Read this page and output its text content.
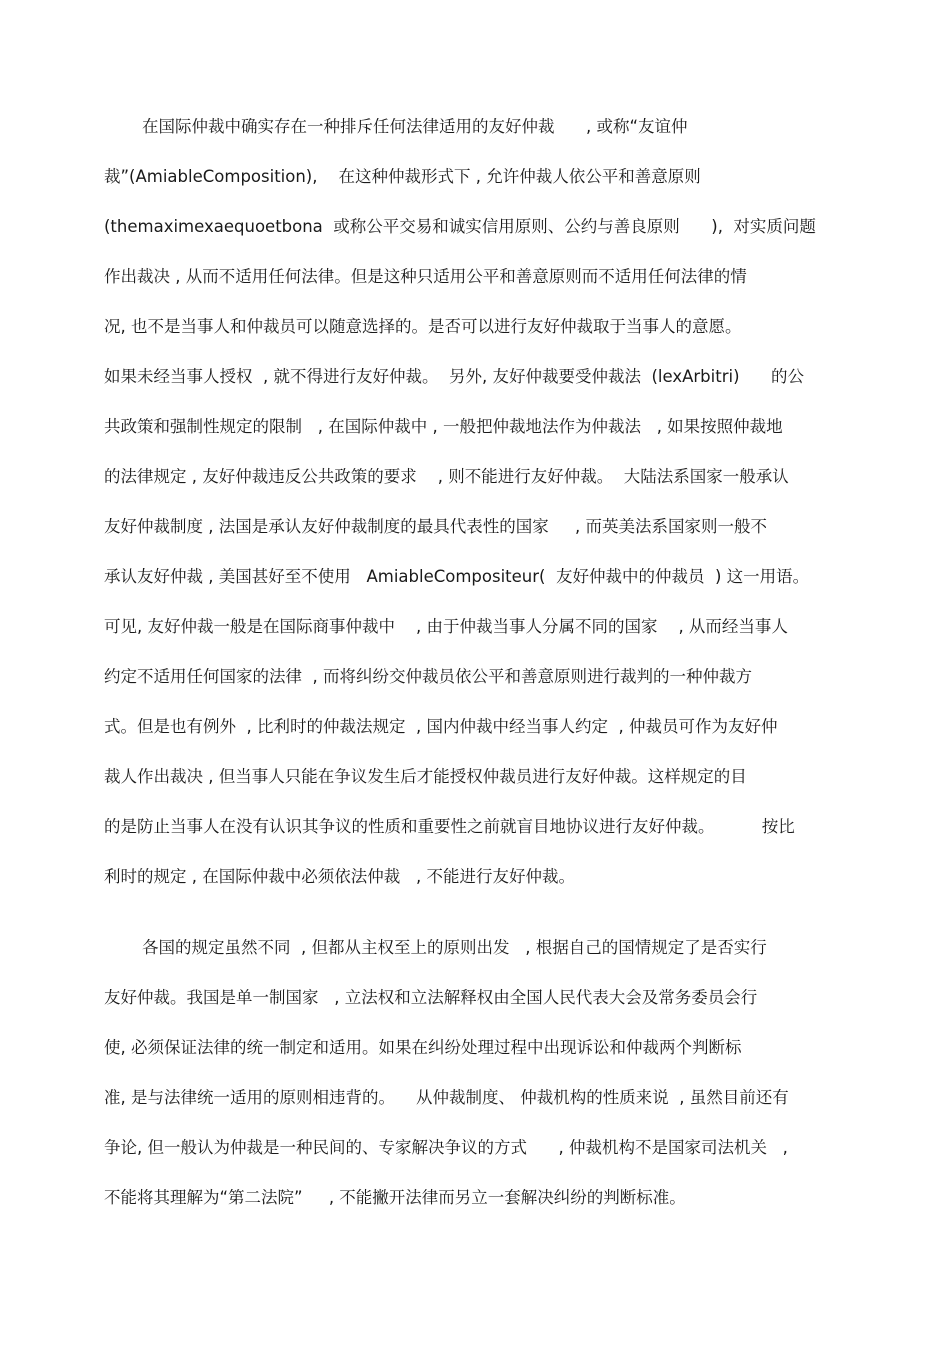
在国际仲裁中确实存在一种排斥任何法律适用的友好仲裁      , 或称“友谊仲
裁”(AmiableComposition),    在这种仲裁形式下 , 允许仲裁人依公平和善意原则
(themaximexaequoetbona  或称公平交易和诚实信用原则、公约与善良原则      ),  对实质问题
作出裁决 , 从而不适用任何法律。但是这种只适用公平和善意原则而不适用任何法律的情
况, 也不是当事人和仲裁员可以随意选择的。是否可以进行友好仲裁取于当事人的意愿。
如果未经当事人授权  , 就不得进行友好仲裁。  另外, 友好仲裁要受仲裁法  (lexArbitri)      的公
共政策和强制性规定的限制   , 在国际仲裁中 , 一般把仲裁地法作为仲裁法   , 如果按照仲裁地
的法律规定 , 友好仲裁违反公共政策的要求    , 则不能进行友好仲裁。  大陆法系国家一般承认
友好仲裁制度 , 法国是承认友好仲裁制度的最具代表性的国家     , 而英美法系国家则一般不
承认友好仲裁 , 美国甚好至不使用   AmiableCompositeur(  友好仲裁中的仲裁员  ) 这一用语。
可见, 友好仲裁一般是在国际商事仲裁中    , 由于仲裁当事人分属不同的国家    , 从而经当事人
约定不适用任何国家的法律  , 而将纠纷交仲裁员依公平和善意原则进行裁判的一种仲裁方
式。但是也有例外  , 比利时的仲裁法规定  , 国内仲裁中经当事人约定  , 仲裁员可作为友好仲
裁人作出裁决 , 但当事人只能在争议发生后才能授权仲裁员进行友好仲裁。这样规定的目
的是防止当事人在没有认识其争议的性质和重要性之前就盲目地协议进行友好仲裁。         按比
利时的规定 , 在国际仲裁中必须依法仲裁   , 不能进行友好仲裁。
各国的规定虽然不同  , 但都从主权至上的原则出发   , 根据自己的国情规定了是否实行
友好仲裁。我国是单一制国家   , 立法权和立法解释权由全国人民代表大会及常务委员会行
使, 必须保证法律的统一制定和适用。如果在纠纷处理过程中出现诉讼和仲裁两个判断标
准, 是与法律统一适用的原则相违背的。    从仲裁制度、 仲裁机构的性质来说  , 虽然目前还有
争论, 但一般认为仲裁是一种民间的、专家解决争议的方式      , 仲裁机构不是国家司法机关   ,
不能将其理解为“第二法院”     , 不能撇开法律而另立一套解决纠纷的判断标准。
